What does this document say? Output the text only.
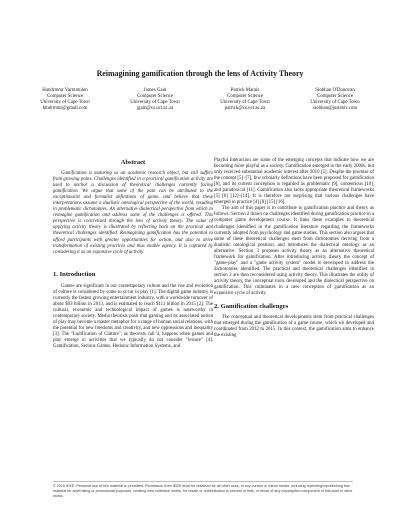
Reimagining gamification through the lens of Activity Theory
Handrmmr Varmmulen
Computer Science
University of Cape Town
hmdrmmr@gmail.com
James Gain
Computer Science
University of Cape Town
jgain@cs.uct.ac.za
Patrick Marais
Computer Science
University of Cape Town
patrick@cs.uct.ac.za
Siobhan O'Donovan
Computer Science
University of Cape Town
siobhan@justshiv.com
Abstract

Gamification is maturing as an academic research object, but still suffers from growing pains. Challenges identified in a practical gamification activity are used to anchor a discussion of theoretical challenges currently facing gamification. We argue that some of the pain can be attributed to the exceptionalist and formalist definitions of game, and believe that these interpretations assume a dualistic ontological perspective of the world, resulting in problematic dichotomies. An alternative dialectical perspective from which to reimagine gamification and address some of the challenges is offered. This perspective is concretized through the lens of activity theory. The value of applying activity theory is illustrated by reflecting back on the practical and theoretical challenges identified. Reimagining gamification has the potential to afford participants with greater opportunities for action, and also to drive transformation of existing practices and thus enable agency. It is captured by considering it as an expansive cycle of activity.

1. Introduction

Games are significant in our contemporary culture and the rise and evolution of culture is considered by some to occur in play [1]. The digital game industry is currently the fastest growing entertainment industry, with a worldwide turnover of about $93 billion in 2013, and is estimated to reach $111 billion in 2015 [2]. The cultural, economic and technological impact of games is noteworthy in contemporary society. Media theorists posit that gaming and its associated notion of play may become a master metaphor for a range of human social relations, with the potential for new freedoms and creativity, and new oppressions and inequality [3]. The "Ludification of Culture", as theorists call it, happens when games and play emerge in activities that we typically do not consider "leisure" [4]. Gamification, Serious Games, Hedonic Information Systems, and

Playful Interaction are some of the emerging concepts that indicate how we are becoming more playful as a society. Gamification emerged in the early 2000s, but only received substantial academic interest after 2010 [5]. Despite the promise of the concept [5]–[7], few scholarly definitions have been proposed for gamification [8], and its current conception is regarded as problematic [9], contentious [10], and paradoxical [11]. Gamification also lacks appropriate theoretical frameworks [5] [6] [12]–[14]. It is therefore not surprising that various challenges have emerged in practice [4] [8] [15] [16].

The aim of this paper is to contribute to gamification practice and theory as follows: Section 2 draws on challenges identified during gamification practice in a computer game development course. It links these examples to theoretical challenges identified in the gamification literature regarding the frameworks currently adopted from psychology and game studies. This section also argues that some of these theoretical challenges stem from dichotomies deriving from a dualistic ontological position, and introduces the dialectical ontology as an alternative. Section 3 proposes activity theory as an alternative theoretical framework for gamification. After introducing activity theory the concept of "game-play" and a "game activity system" model is developed to address the dichotomies identified. The practical and theoretical challenges identified in section 2 are then reconsidered using activity theory. This illustrates the utility of activity theory, the conceptual tools developed and the dialectical perspective on gamification. This culminates in a new conception of gamification as an expansive cycle of activity.

2. Gamification challenges

The conceptual and theoretical developments stem from practical challenges that emerged during the gamification of a game course, which we developed and coordinated from 2012 to 2015. In this context, the gamification aims to enhance the existing

© 2015 IEEE. Personal use of this material is permitted. Permission from IEEE must be obtained for all other uses, in any current or future media, including reprinting/republishing this material for advertising or promotional purposes, creating new collective works, for resale or redistribution to servers or lists, or reuse of any copyrighted component of this work in other works.
